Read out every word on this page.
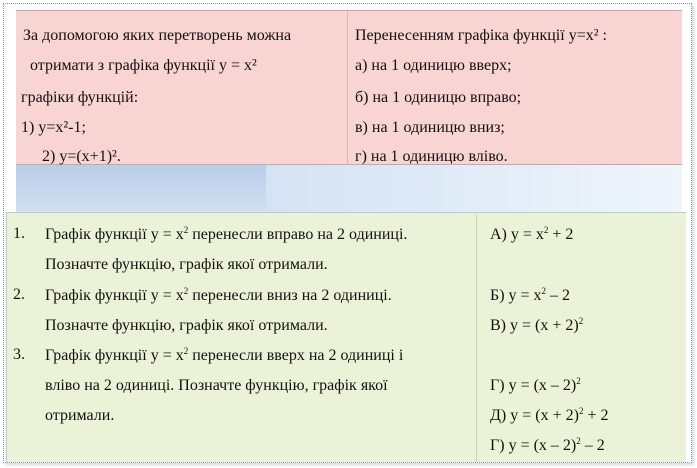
За допомогою яких перетворень можна
отримати з графіка функції у = х²
графіки функцій:
1) у=х²-1;
2) у=(х+1)².
Перенесенням графіка функції у=х² :
а) на 1 одиницю вверх;
б) на 1 одиницю вправо;
в) на 1 одиницю вниз;
г) на 1 одиницю вліво.
1. Графік функції $у = х^2$ перенесли вправо на 2 одиниці.
Позначте функцію, графік якої отримали.
2. Графік функції $у = х^2$ перенесли вниз на 2 одиниці.
Позначте функцію, графік якої отримали.
3. Графік функції $у = х^2$ перенесли вверх на 2 одиниці і
вліво на 2 одиниці. Позначте функцію, графік якої
отримали.
А) $у = х^2 + 2$
Б) $у = х^2 - 2$
В) $у = (х + 2)^2$
Г) у = (х – 2)$^2$
Д) $у = (х + 2)^2 + 2$
Г) у = (х – 2)$^2$ – 2
